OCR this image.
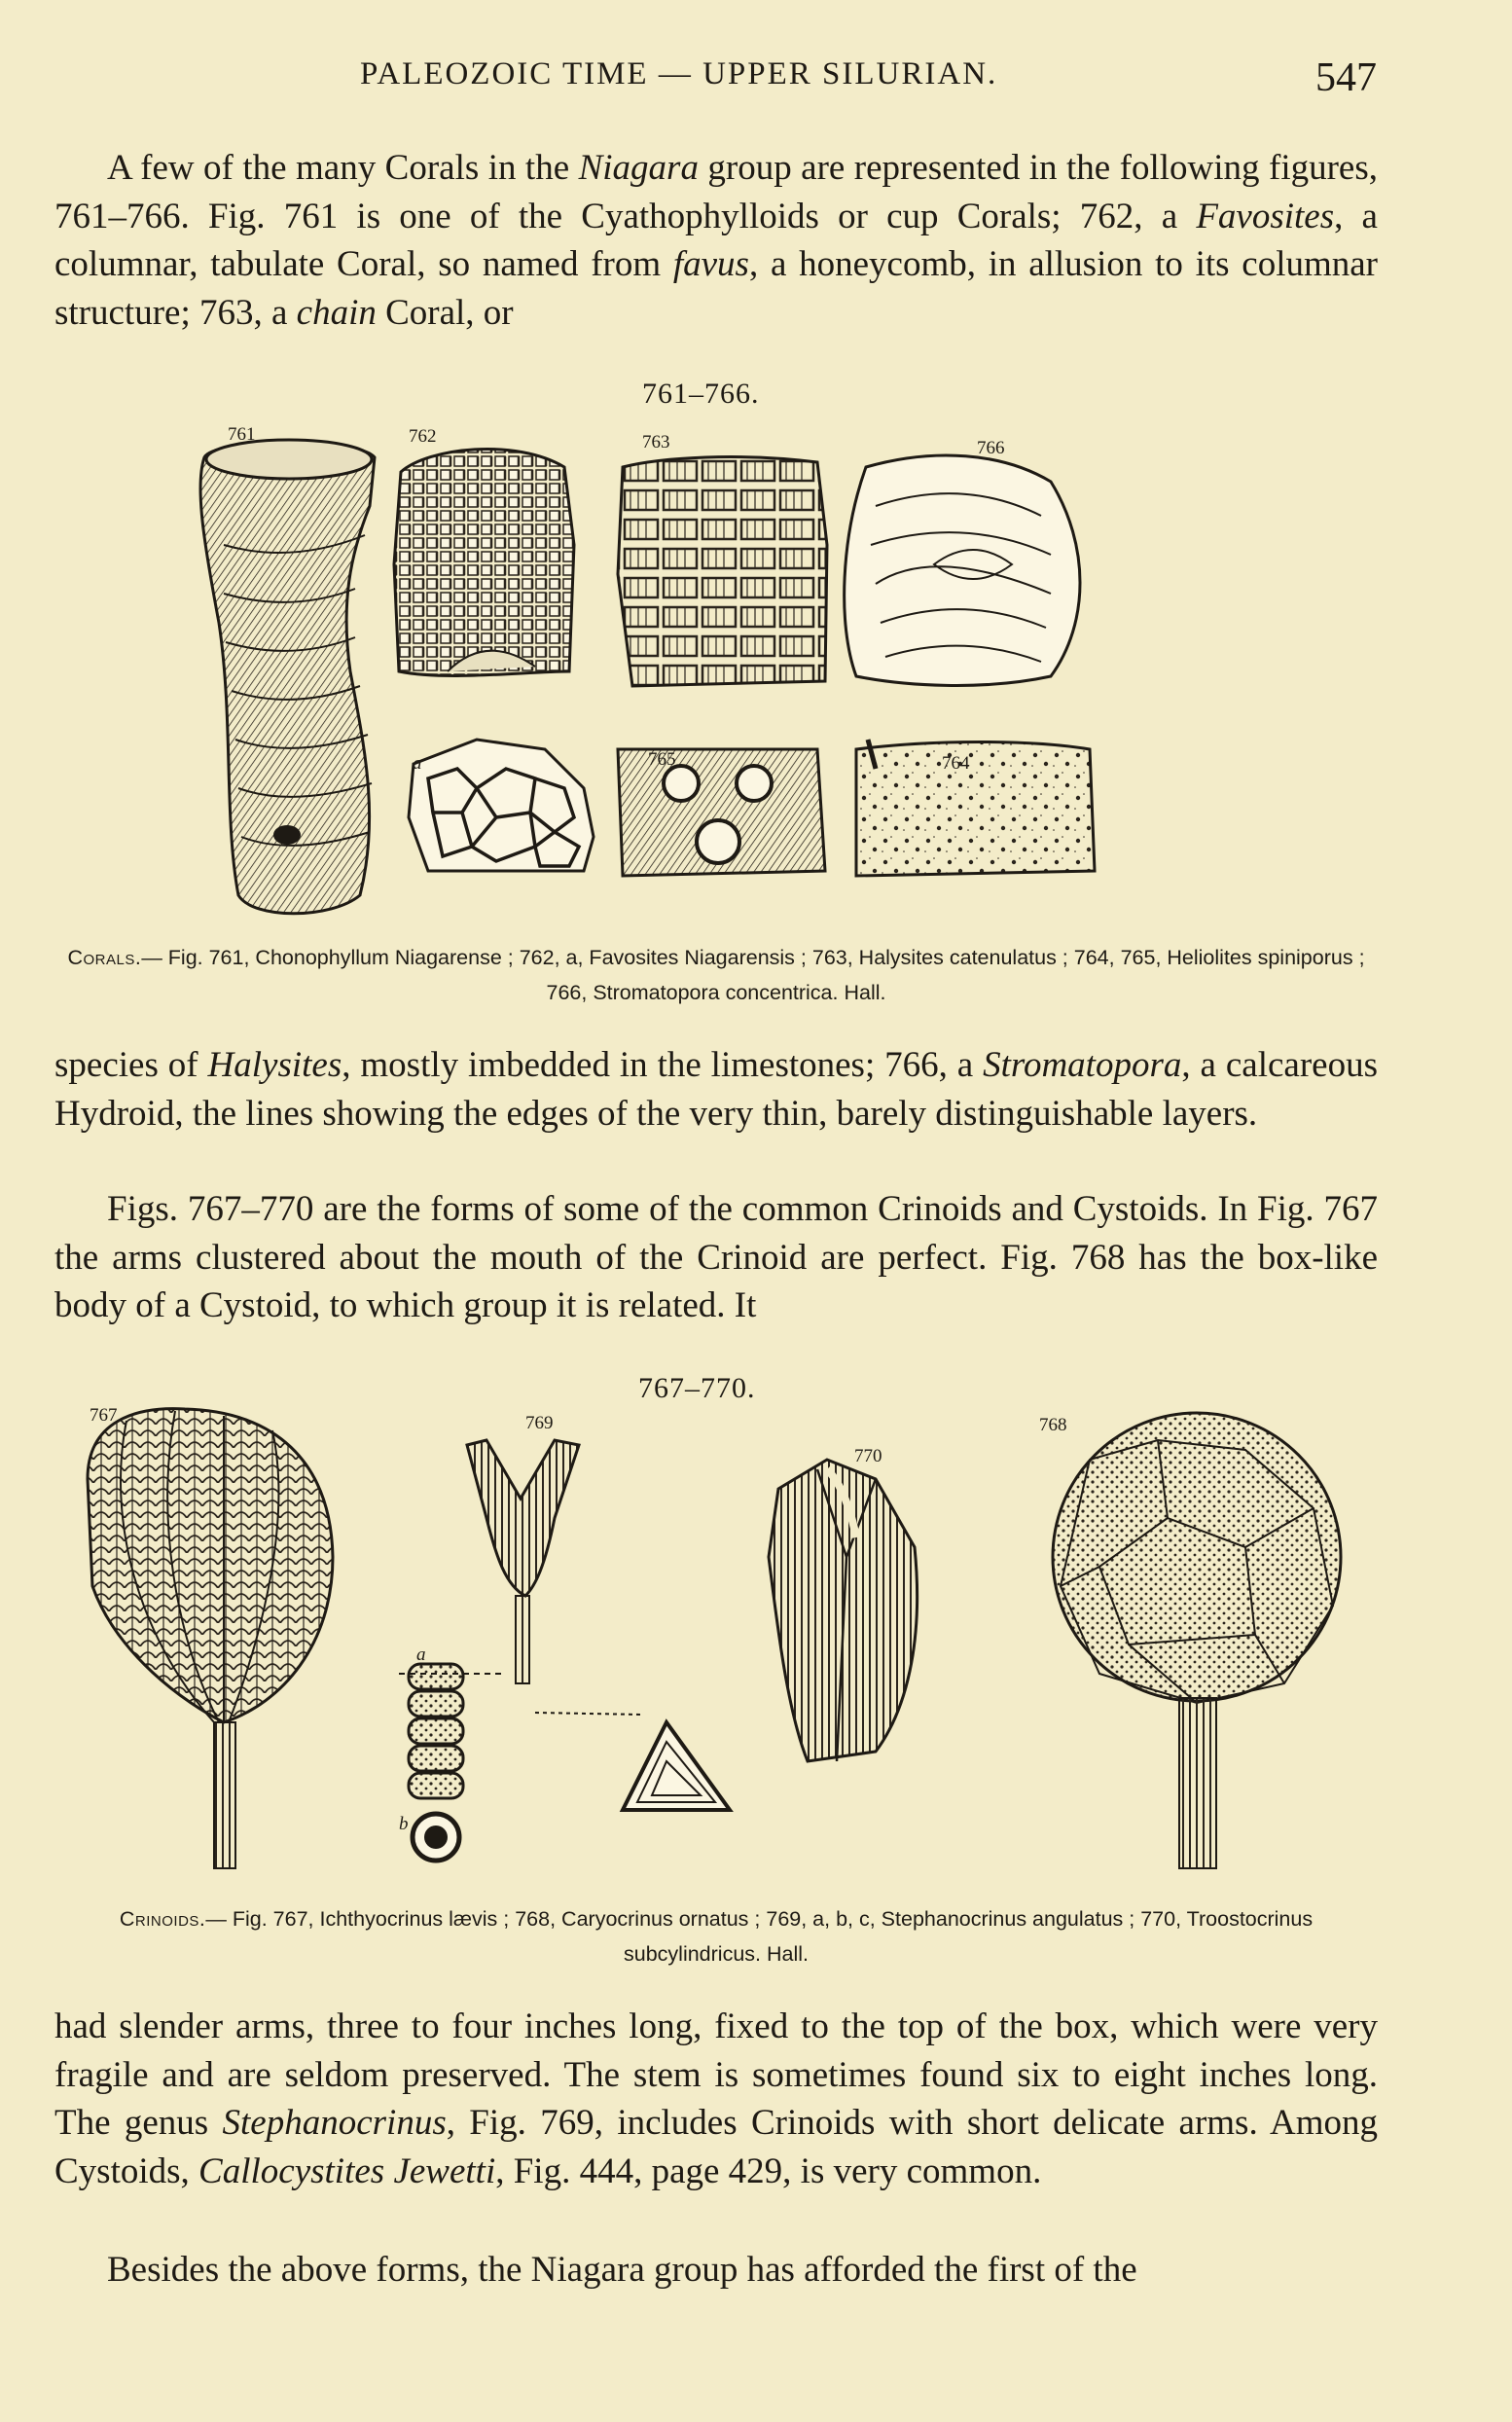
PALEOZOIC TIME — UPPER SILURIAN.	547

A few of the many Corals in the Niagara group are represented in the following figures, 761–766. Fig. 761 is one of the Cyathophylloids or cup Corals; 762, a Favosites, a columnar, tabulate Coral, so named from favus, a honeycomb, in allusion to its columnar structure; 763, a chain Coral, or

761–766.
761	762	763	766
a	765	764
Corals.— Fig. 761, Chonophyllum Niagarense ; 762, a, Favosites Niagarensis ; 763, Halysites catenulatus ; 764, 765, Heliolites spiniporus ; 766, Stromatopora concentrica. Hall.

species of Halysites, mostly imbedded in the limestones; 766, a Stromatopora, a calcareous Hydroid, the lines showing the edges of the very thin, barely distinguishable layers.

Figs. 767–770 are the forms of some of the common Crinoids and Cystoids. In Fig. 767 the arms clustered about the mouth of the Crinoid are perfect. Fig. 768 has the box-like body of a Cystoid, to which group it is related. It

767–770.
767	769
770
768
a
b
Crinoids.— Fig. 767, Ichthyocrinus lævis ; 768, Caryocrinus ornatus ; 769, a, b, c, Stephanocrinus angulatus ; 770, Troostocrinus subcylindricus. Hall.

had slender arms, three to four inches long, fixed to the top of the box, which were very fragile and are seldom preserved. The stem is sometimes found six to eight inches long. The genus Stephanocrinus, Fig. 769, includes Crinoids with short delicate arms. Among Cystoids, Callocystites Jewetti, Fig. 444, page 429, is very common.

Besides the above forms, the Niagara group has afforded the first of the
